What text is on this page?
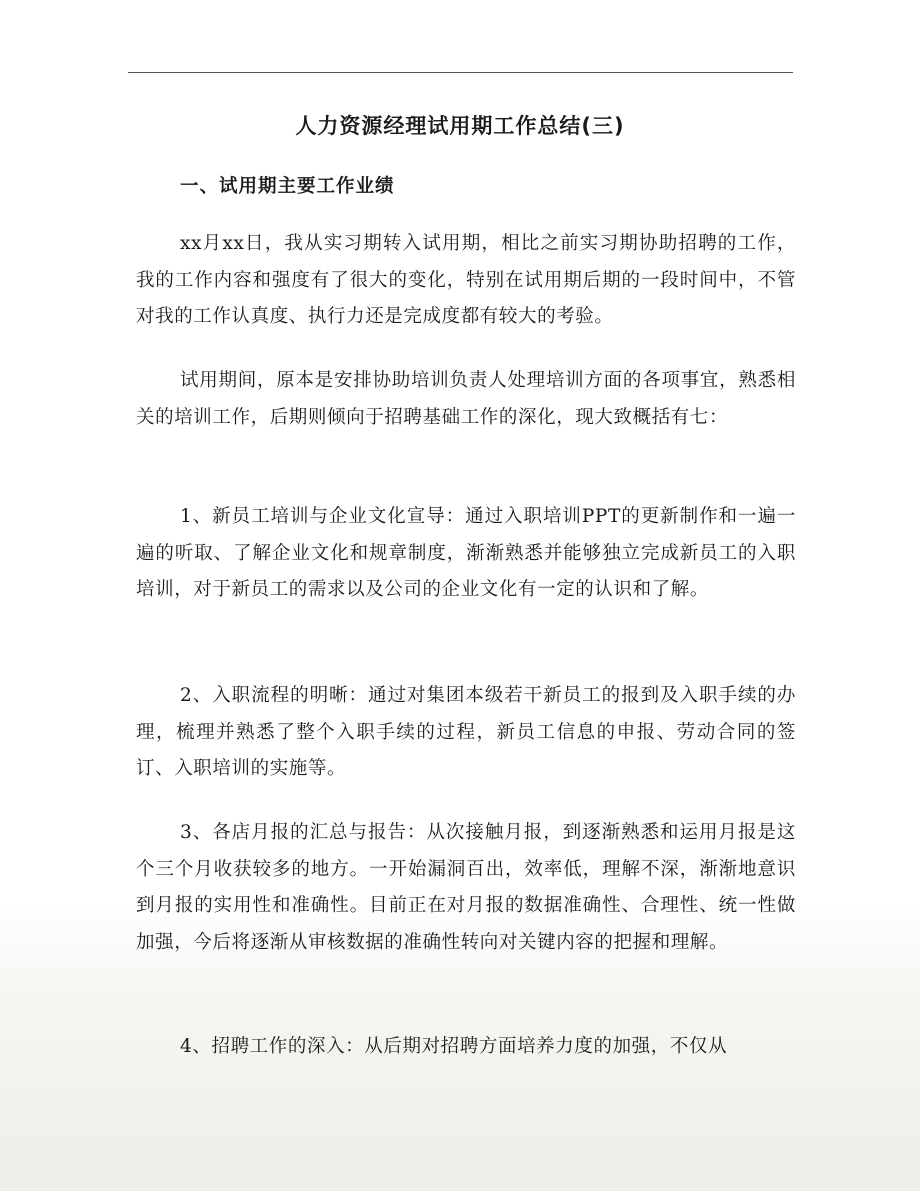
人力资源经理试用期工作总结(三)
一、试用期主要工作业绩

xx月xx日，我从实习期转入试用期，相比之前实习期协助招聘的工作，我的工作内容和强度有了很大的变化，特别在试用期后期的一段时间中，不管对我的工作认真度、执行力还是完成度都有较大的考验。

试用期间，原本是安排协助培训负责人处理培训方面的各项事宜，熟悉相关的培训工作，后期则倾向于招聘基础工作的深化，现大致概括有七：

1、新员工培训与企业文化宣导：通过入职培训PPT的更新制作和一遍一遍的听取、了解企业文化和规章制度，渐渐熟悉并能够独立完成新员工的入职培训，对于新员工的需求以及公司的企业文化有一定的认识和了解。

2、入职流程的明晰：通过对集团本级若干新员工的报到及入职手续的办理，梳理并熟悉了整个入职手续的过程，新员工信息的申报、劳动合同的签订、入职培训的实施等。

3、各店月报的汇总与报告：从次接触月报，到逐渐熟悉和运用月报是这个三个月收获较多的地方。一开始漏洞百出，效率低，理解不深，渐渐地意识到月报的实用性和准确性。目前正在对月报的数据准确性、合理性、统一性做加强，今后将逐渐从审核数据的准确性转向对关键内容的把握和理解。

4、招聘工作的深入：从后期对招聘方面培养力度的加强，不仅从
